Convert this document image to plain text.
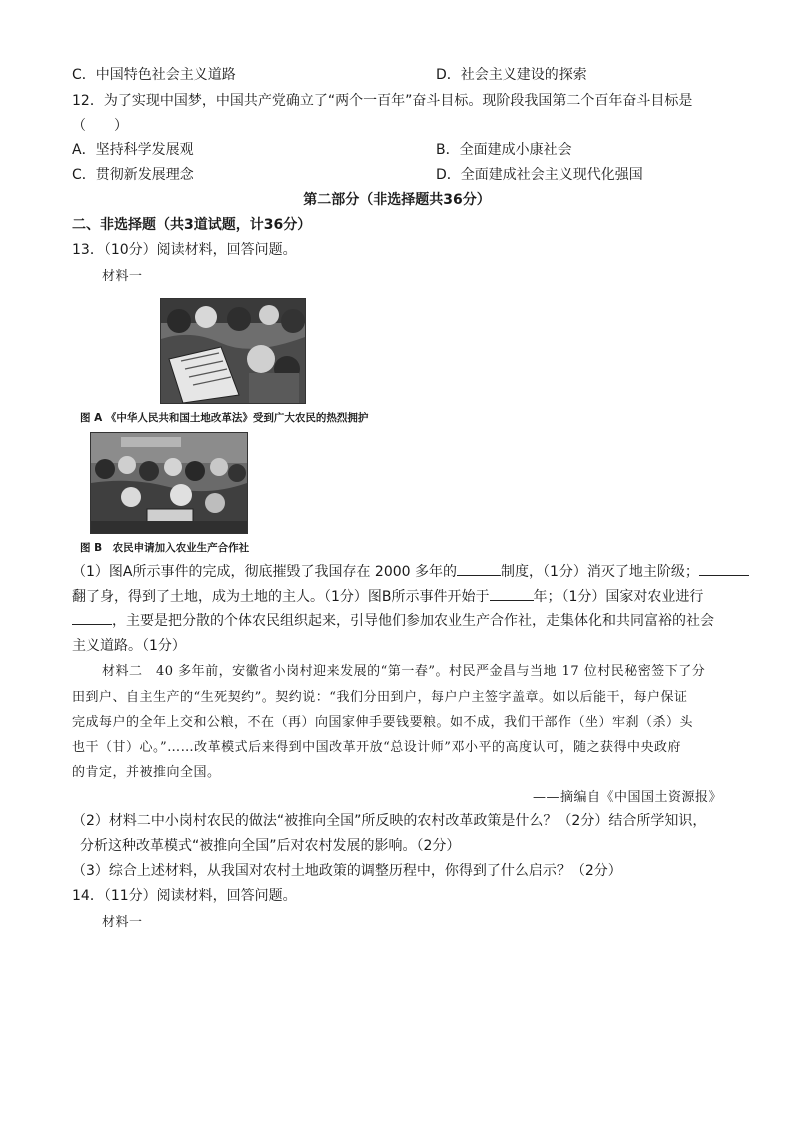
C．中国特色社会主义道路	D．社会主义建设的探索
12．为了实现中国梦，中国共产党确立了“两个一百年”奋斗目标。现阶段我国第二个百年奋斗目标是
（　　）
A．坚持科学发展观	B．全面建成小康社会
C．贯彻新发展理念	D．全面建成社会主义现代化强国
第二部分（非选择题共36分）
二、非选择题（共3道试题，计36分）
13．（10分）阅读材料，回答问题。
材料一
图 A 《中华人民共和国土地改革法》受到广大农民的热烈拥护
图 B　农民申请加入农业生产合作社
（1）图A所示事件的完成，彻底摧毁了我国存在 2000 多年的	制度，（1分）消灭了地主阶级；
翻了身，得到了土地，成为土地的主人。（1分）图B所示事件开始于	年；（1分）国家对农业进行
，主要是把分散的个体农民组织起来，引导他们参加农业生产合作社，走集体化和共同富裕的社会
主义道路。（1分）
材料二　40 多年前，安徽省小岗村迎来发展的“第一春”。村民严金昌与当地 17 位村民秘密签下了分
田到户、自主生产的“生死契约”。契约说：“我们分田到户，每户户主签字盖章。如以后能干，每户保证
完成每户的全年上交和公粮，不在（再）向国家伸手要钱要粮。如不成，我们干部作（坐）牢刹（杀）头
也干（甘）心。”……改革模式后来得到中国改革开放“总设计师”邓小平的高度认可，随之获得中央政府
的肯定，并被推向全国。
——摘编自《中国国土资源报》
（2）材料二中小岗村农民的做法“被推向全国”所反映的农村改革政策是什么？（2分）结合所学知识，
分析这种改革模式“被推向全国”后对农村发展的影响。（2分）
（3）综合上述材料，从我国对农村土地政策的调整历程中，你得到了什么启示？（2分）
14．（11分）阅读材料，回答问题。
材料一
